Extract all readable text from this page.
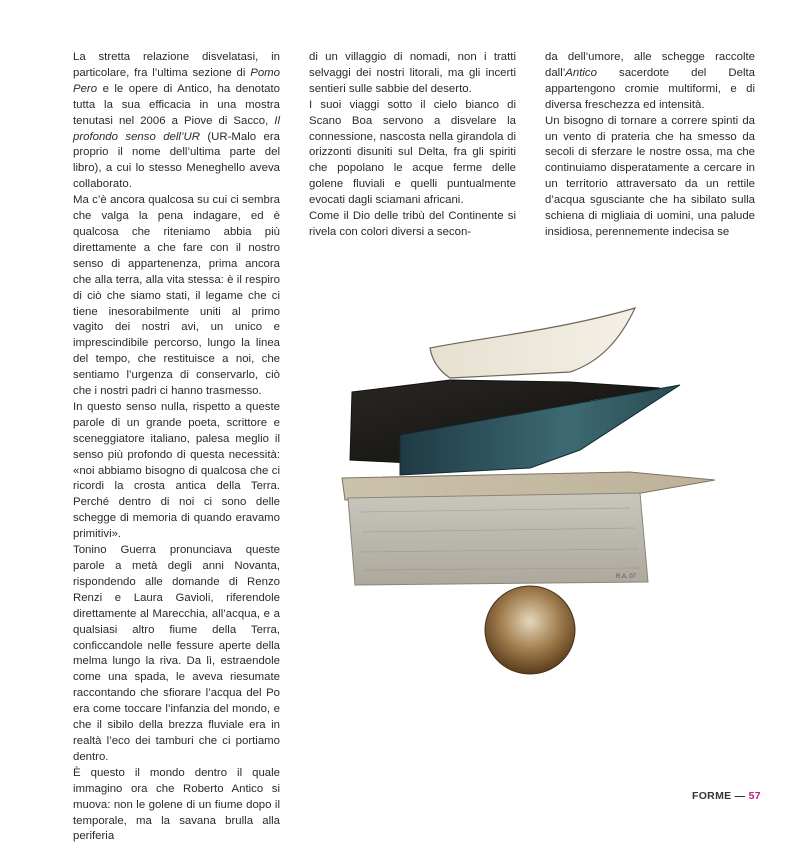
La stretta relazione disvelatasi, in particolare, fra l’ultima sezione di Pomo Pero e le opere di Antico, ha denotato tutta la sua efficacia in una mostra tenutasi nel 2006 a Piove di Sacco, Il profondo senso dell’UR (UR-Malo era proprio il nome dell’ultima parte del libro), a cui lo stesso Meneghello aveva collaborato.

Ma c’è ancora qualcosa su cui ci sembra che valga la pena indagare, ed è qualcosa che riteniamo abbia più direttamente a che fare con il nostro senso di appartenenza, prima ancora che alla terra, alla vita stessa: è il respiro di ciò che siamo stati, il legame che ci tiene inesorabilmente uniti al primo vagito dei nostri avi, un unico e imprescindibile percorso, lungo la linea del tempo, che restituisce a noi, che sentiamo l’urgenza di conservarlo, ciò che i nostri padri ci hanno trasmesso.

In questo senso nulla, rispetto a queste parole di un grande poeta, scrittore e sceneggiatore italiano, palesa meglio il senso più profondo di questa necessità: «noi abbiamo bisogno di qualcosa che ci ricordi la crosta antica della Terra. Perché dentro di noi ci sono delle schegge di memoria di quando eravamo primitivi».

Tonino Guerra pronunciava queste parole a metà degli anni Novanta, rispondendo alle domande di Renzo Renzi e Laura Gavioli, riferendole direttamente al Marecchia, all’acqua, e a qualsiasi altro fiume della Terra, conficcandole nelle fessure aperte della melma lungo la riva. Da lì, estraendole come una spada, le aveva riesumate raccontando che sfiorare l’acqua del Po era come toccare l’infanzia del mondo, e che il sibilo della brezza fluviale era in realtà l’eco dei tamburi che ci portiamo dentro.

È questo il mondo dentro il quale immagino ora che Roberto Antico si muova: non le golene di un fiume dopo il temporale, ma la savana brulla alla periferia

di un villaggio di nomadi, non i tratti selvaggi dei nostri litorali, ma gli incerti sentieri sulle sabbie del deserto.

I suoi viaggi sotto il cielo bianco di Scano Boa servono a disvelare la connessione, nascosta nella girandola di orizzonti disuniti sul Delta, fra gli spiriti che popolano le acque ferme delle golene fluviali e quelli puntualmente evocati dagli sciamani africani.

Come il Dio delle tribù del Continente si rivela con colori diversi a secon-

da dell’umore, alle schegge raccolte dall’Antico sacerdote del Delta appartengono cromie multiformi, e di diversa freschezza ed intensità.

Un bisogno di tornare a correre spinti da un vento di prateria che ha smesso da secoli di sferzare le nostre ossa, ma che continuiamo disperatamente a cercare in un territorio attraversato da un rettile d’acqua sgusciante che ha sibilato sulla schiena di migliaia di uomini, una palude insidiosa, perennemente indecisa se

R.A. 07
FORME — 57
